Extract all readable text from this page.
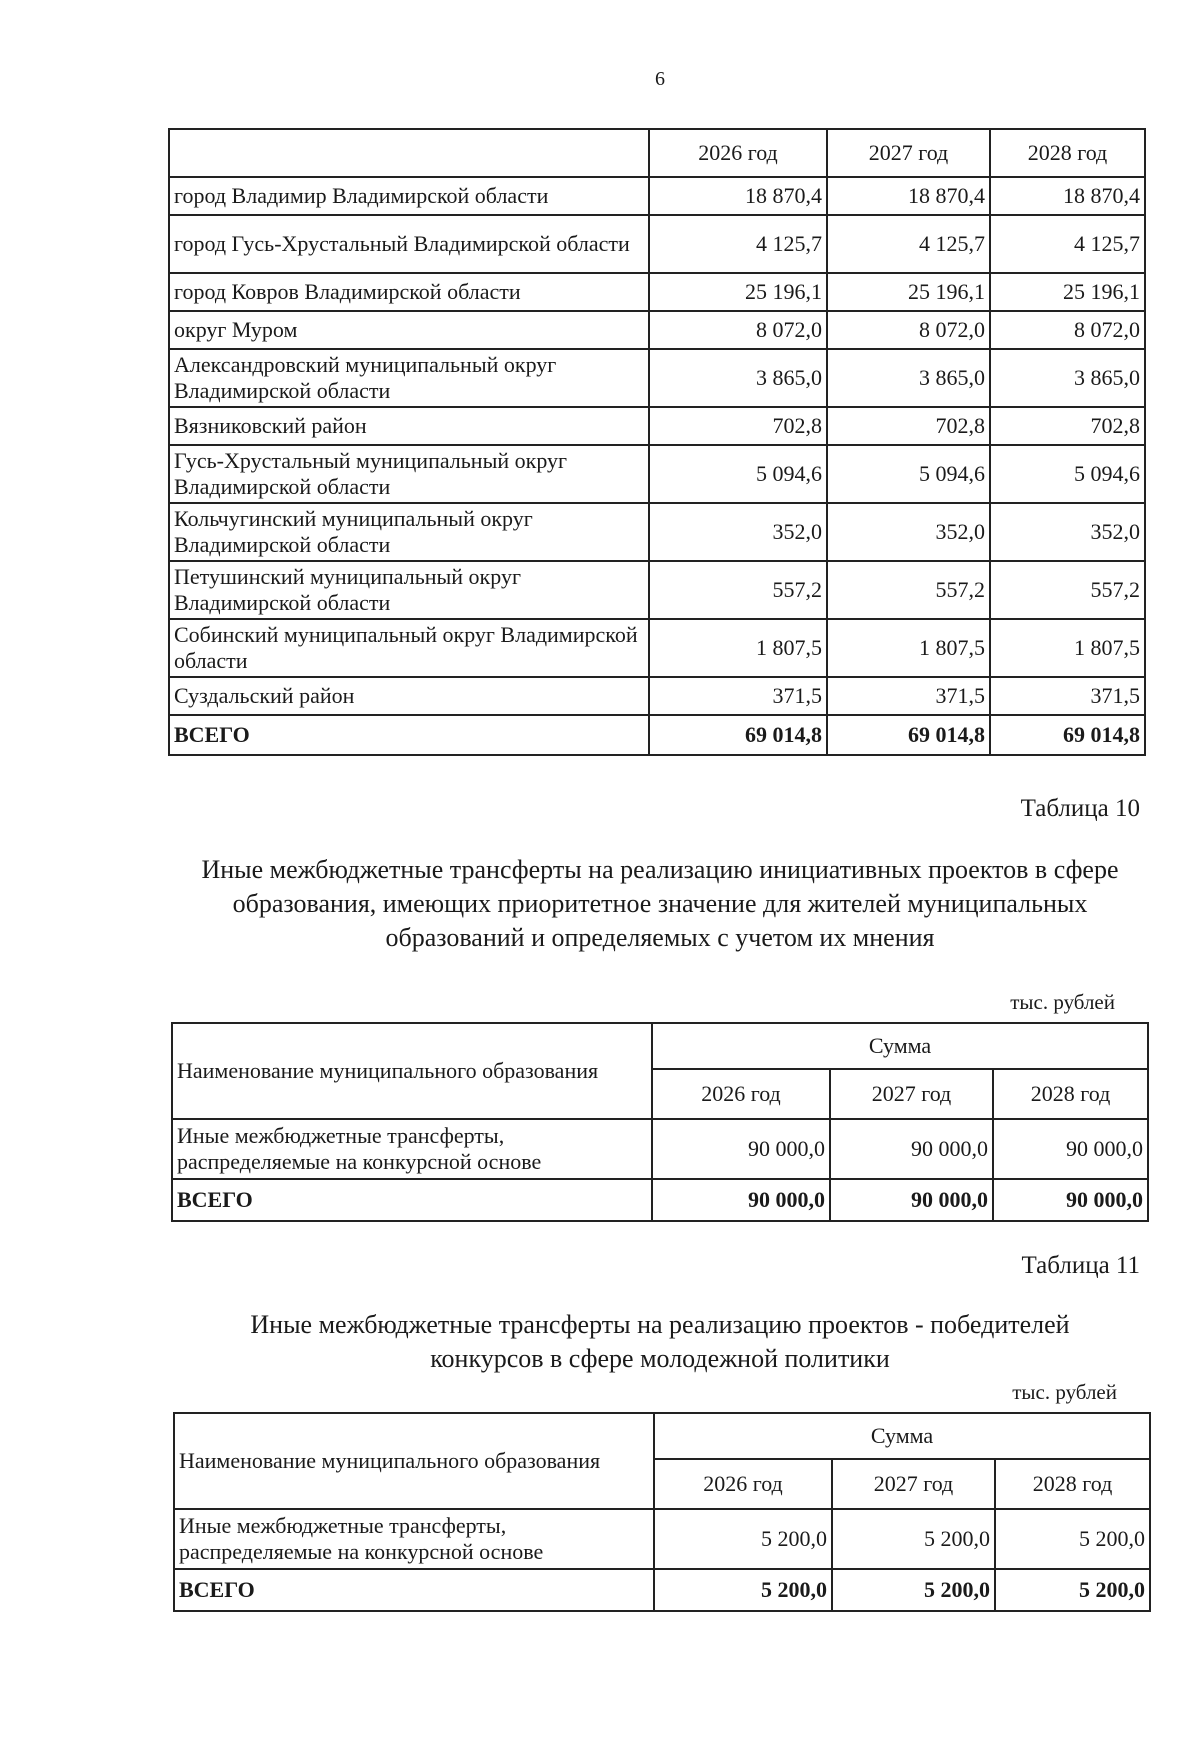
6
	2026 год	2027 год	2028 год
город Владимир Владимирской области	18 870,4	18 870,4	18 870,4
город Гусь-Хрустальный Владимирской области	4 125,7	4 125,7	4 125,7
город Ковров Владимирской области	25 196,1	25 196,1	25 196,1
округ Муром	8 072,0	8 072,0	8 072,0
Александровский муниципальный округ Владимирской области	3 865,0	3 865,0	3 865,0
Вязниковский район	702,8	702,8	702,8
Гусь-Хрустальный муниципальный округ Владимирской области	5 094,6	5 094,6	5 094,6
Кольчугинский муниципальный округ Владимирской области	352,0	352,0	352,0
Петушинский муниципальный округ Владимирской области	557,2	557,2	557,2
Собинский муниципальный округ Владимирской области	1 807,5	1 807,5	1 807,5
Суздальский район	371,5	371,5	371,5
ВСЕГО	69 014,8	69 014,8	69 014,8
Таблица 10
Иные межбюджетные трансферты на реализацию инициативных проектов в сфере образования, имеющих приоритетное значение для жителей муниципальных образований и определяемых с учетом их мнения
тыс. рублей
Наименование муниципального образования	Сумма		
	2026 год	2027 год	2028 год
Иные межбюджетные трансферты, распределяемые на конкурсной основе	90 000,0	90 000,0	90 000,0
ВСЕГО	90 000,0	90 000,0	90 000,0
Таблица 11
Иные межбюджетные трансферты на реализацию проектов - победителей конкурсов в сфере молодежной политики
тыс. рублей
Наименование муниципального образования	Сумма		
	2026 год	2027 год	2028 год
Иные межбюджетные трансферты, распределяемые на конкурсной основе	5 200,0	5 200,0	5 200,0
ВСЕГО	5 200,0	5 200,0	5 200,0
